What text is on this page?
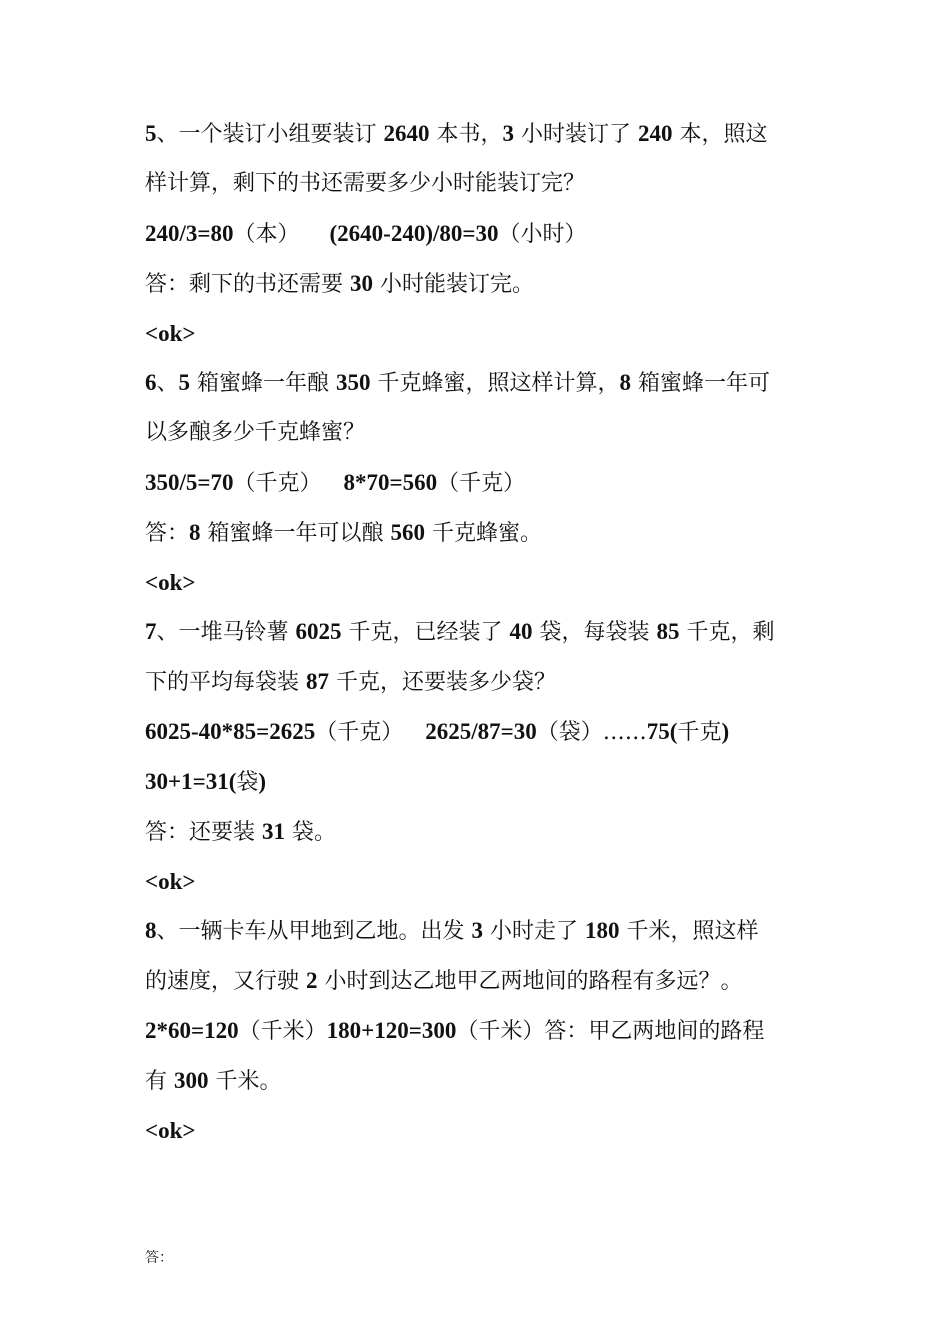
5、一个装订小组要装订 2640 本书，3 小时装订了 240 本，照这
样计算，剩下的书还需要多少小时能装订完？
240/3=80（本） (2640-240)/80=30（小时）
答：剩下的书还需要 30 小时能装订完。
<ok>
6、5 箱蜜蜂一年酿 350 千克蜂蜜，照这样计算，8 箱蜜蜂一年可
以多酿多少千克蜂蜜？
350/5=70（千克） 8*70=560（千克）
答：8 箱蜜蜂一年可以酿 560 千克蜂蜜。
<ok>
7、一堆马铃薯 6025 千克，已经装了 40 袋，每袋装 85 千克，剩
下的平均每袋装 87 千克，还要装多少袋？
6025-40*85=2625（千克） 2625/87=30（袋）……75(千克)
30+1=31(袋)
答：还要装 31 袋。
<ok>
8、一辆卡车从甲地到乙地。出发 3 小时走了 180 千米，照这样
的速度，又行驶 2 小时到达乙地甲乙两地间的路程有多远？。
2*60=120（千米）180+120=300（千米）答：甲乙两地间的路程
有 300 千米。
<ok>
答：
